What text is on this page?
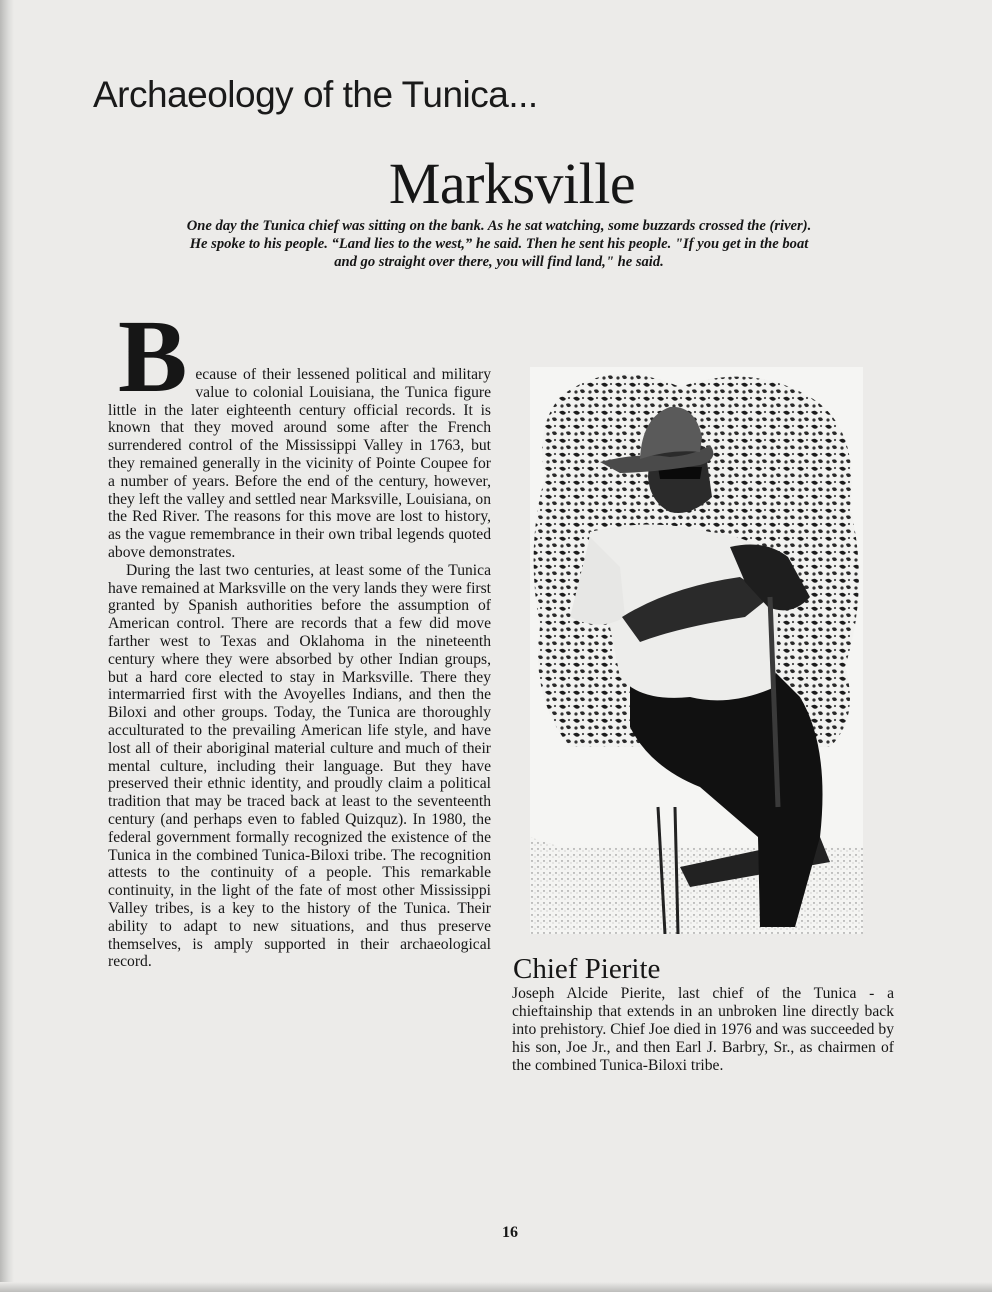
Archaeology of the Tunica...
Marksville

One day the Tunica chief was sitting on the bank. As he sat watching, some buzzards crossed the (river). He spoke to his people. “Land lies to the west,” he said. Then he sent his people. "If you get in the boat and go straight over there, you will find land," he said.

B ecause of their lessened political and military value to colonial Louisiana, the Tunica figure little in the later eighteenth century official records. It is known that they moved around some after the French surrendered control of the Mississippi Valley in 1763, but they remained generally in the vicinity of Pointe Coupee for a number of years. Before the end of the century, however, they left the valley and settled near Marksville, Louisiana, on the Red River. The reasons for this move are lost to history, as the vague remembrance in their own tribal legends quoted above demonstrates.

During the last two centuries, at least some of the Tunica have remained at Marksville on the very lands they were first granted by Spanish authorities before the assumption of American control. There are records that a few did move farther west to Texas and Oklahoma in the nineteenth century where they were absorbed by other Indian groups, but a hard core elected to stay in Marksville. There they intermarried first with the Avoyelles Indians, and then the Biloxi and other groups. Today, the Tunica are thoroughly acculturated to the prevailing American life style, and have lost all of their aboriginal material culture and much of their mental culture, including their language. But they have preserved their ethnic identity, and proudly claim a political tradition that may be traced back at least to the seventeenth century (and perhaps even to fabled Quizquz). In 1980, the federal government formally recognized the existence of the Tunica in the combined Tunica-Biloxi tribe. The recognition attests to the continuity of a people. This remarkable continuity, in the light of the fate of most other Mississippi Valley tribes, is a key to the history of the Tunica. Their ability to adapt to new situations, and thus preserve themselves, is amply supported in their archaeological record.	Chief Pierite

Joseph Alcide Pierite, last chief of the Tunica - a chieftainship that extends in an unbroken line directly back into prehistory. Chief Joe died in 1976 and was succeeded by his son, Joe Jr., and then Earl J. Barbry, Sr., as chairmen of the combined Tunica-Biloxi tribe.

16
